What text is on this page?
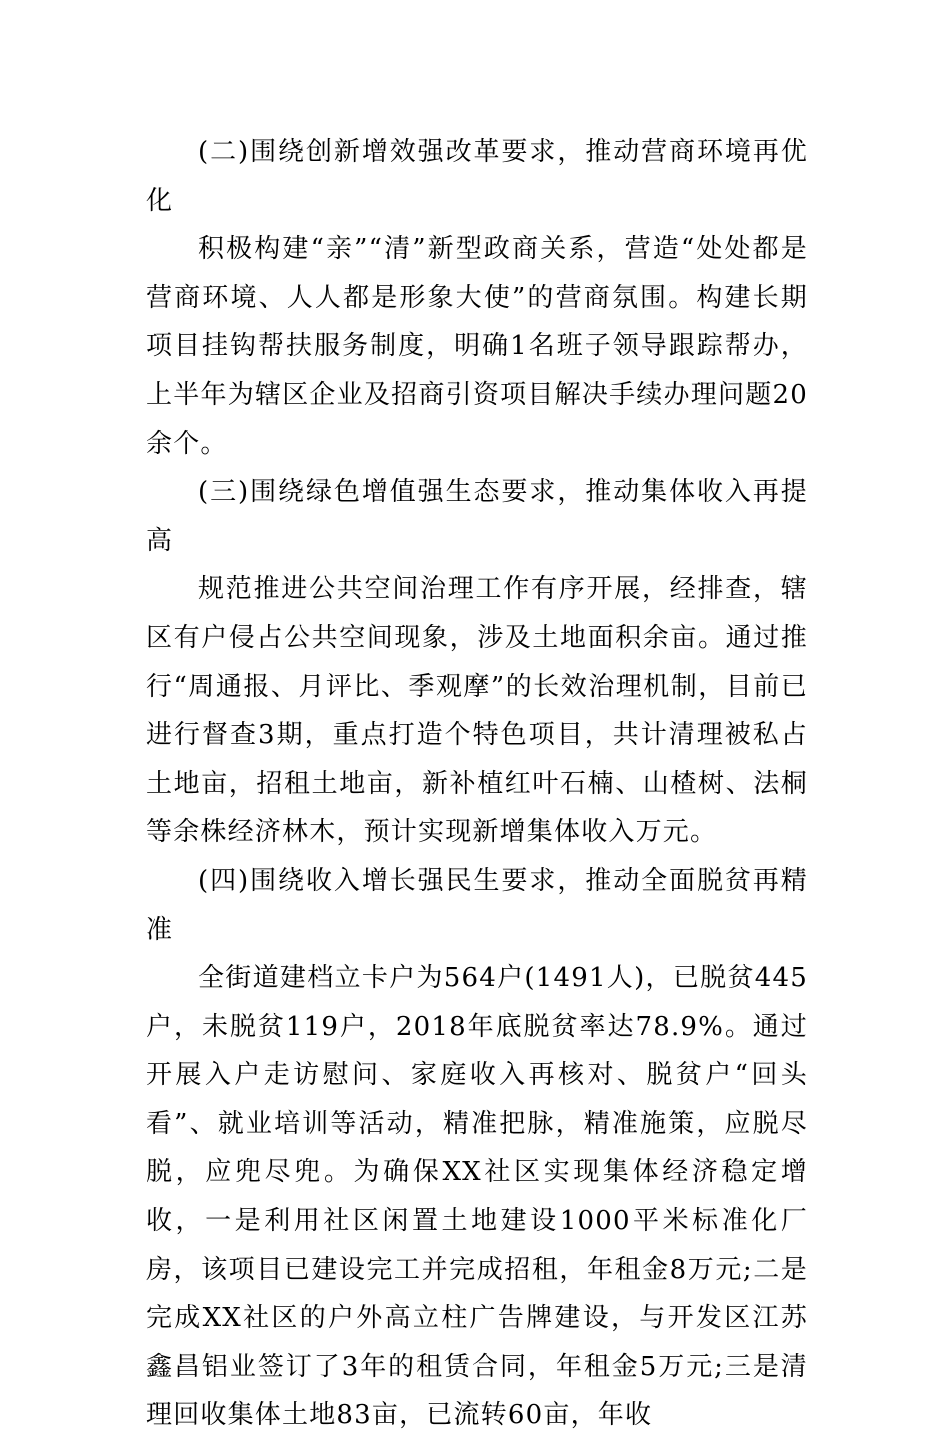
(二)围绕创新增效强改革要求，推动营商环境再优化

积极构建“亲”“清”新型政商关系，营造“处处都是营商环境、人人都是形象大使”的营商氛围。构建长期项目挂钩帮扶服务制度，明确1名班子领导跟踪帮办，上半年为辖区企业及招商引资项目解决手续办理问题20余个。

(三)围绕绿色增值强生态要求，推动集体收入再提高

规范推进公共空间治理工作有序开展，经排查，辖区有户侵占公共空间现象，涉及土地面积余亩。通过推行“周通报、月评比、季观摩”的长效治理机制，目前已进行督查3期，重点打造个特色项目，共计清理被私占土地亩，招租土地亩，新补植红叶石楠、山楂树、法桐等余株经济林木，预计实现新增集体收入万元。

(四)围绕收入增长强民生要求，推动全面脱贫再精准

全街道建档立卡户为564户(1491人)，已脱贫445户，未脱贫119户，2018年底脱贫率达78.9%。通过开展入户走访慰问、家庭收入再核对、脱贫户“回头看”、就业培训等活动，精准把脉，精准施策，应脱尽脱，应兜尽兜。为确保XX社区实现集体经济稳定增收，一是利用社区闲置土地建设1000平米标准化厂房，该项目已建设完工并完成招租，年租金8万元;二是完成XX社区的户外高立柱广告牌建设，与开发区江苏鑫昌铝业签订了3年的租赁合同，年租金5万元;三是清理回收集体土地83亩，已流转60亩，年收
